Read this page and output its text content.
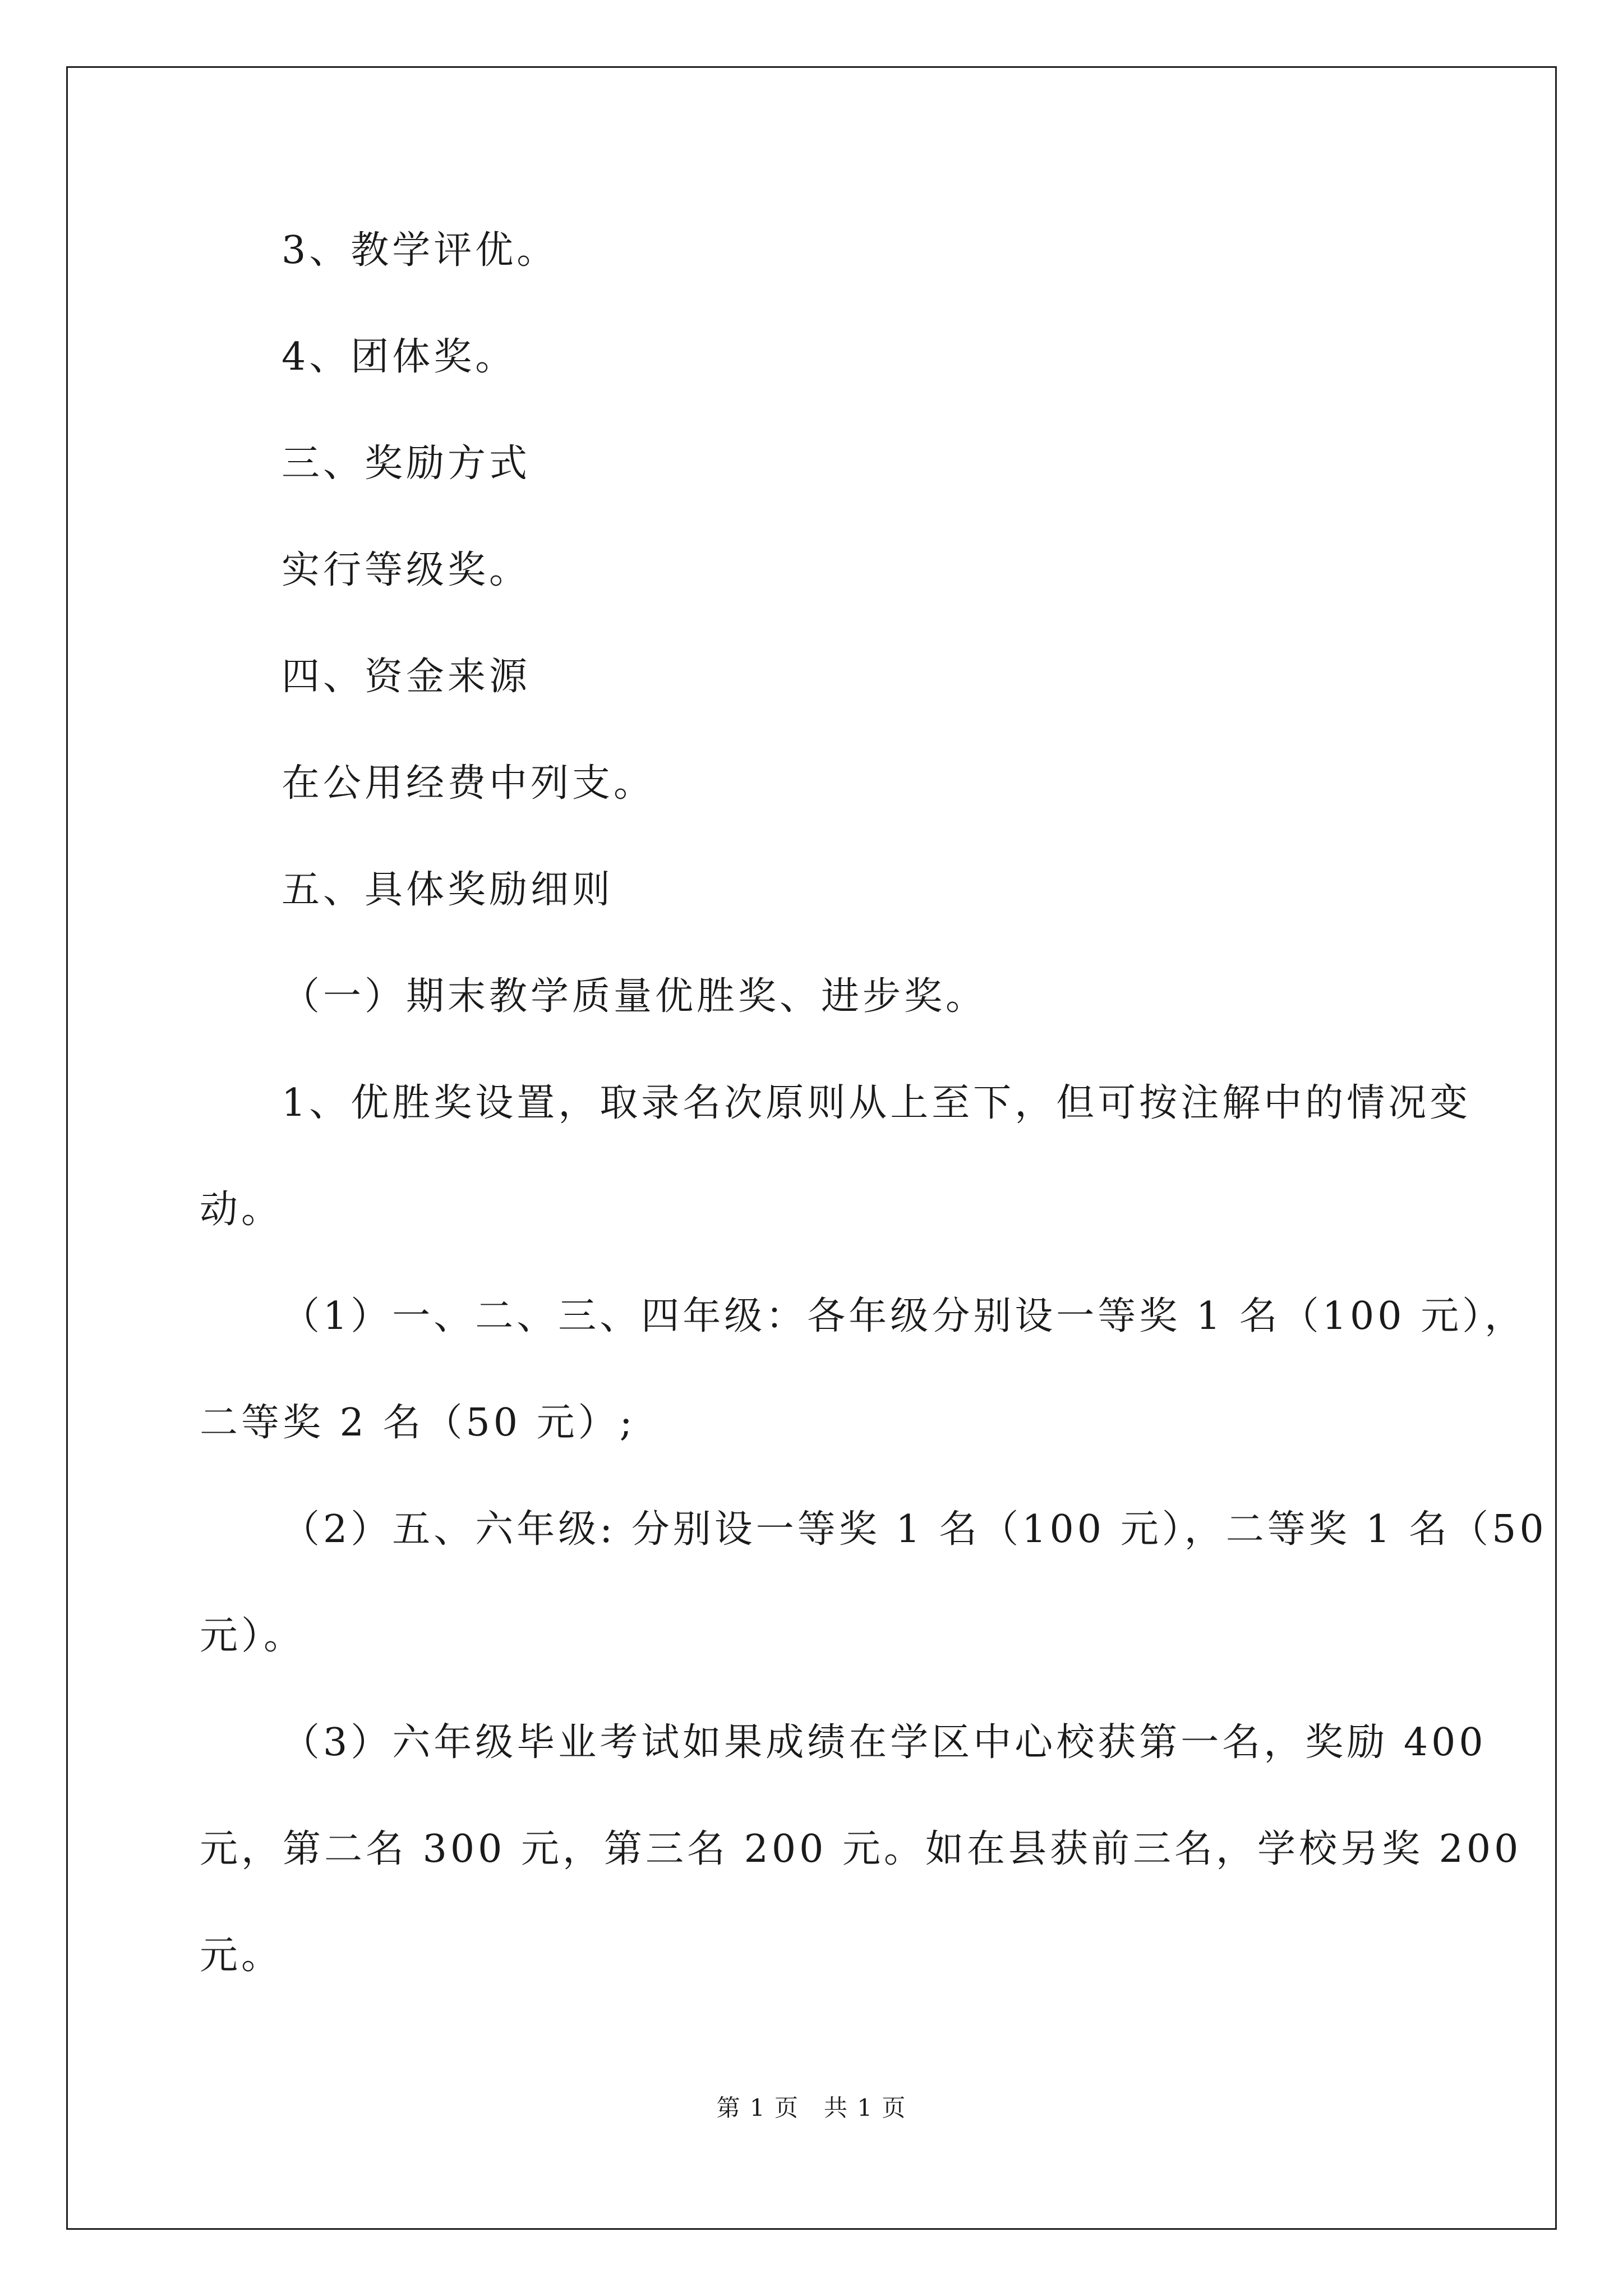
3、教学评优。
4、团体奖。
三、奖励方式
实行等级奖。
四、资金来源
在公用经费中列支。
五、具体奖励细则
（一）期末教学质量优胜奖、进步奖。
1、优胜奖设置，取录名次原则从上至下，但可按注解中的情况变
动。
（1）一、二、三、四年级：各年级分别设一等奖 1 名（100 元），
二等奖 2 名（50 元）;
（2）五、六年级: 分别设一等奖 1 名（100 元），二等奖 1 名（50
元）。
（3）六年级毕业考试如果成绩在学区中心校获第一名，奖励 400
元，第二名 300 元，第三名 200 元。如在县获前三名，学校另奖 200
元。
第 1 页　共 1 页
